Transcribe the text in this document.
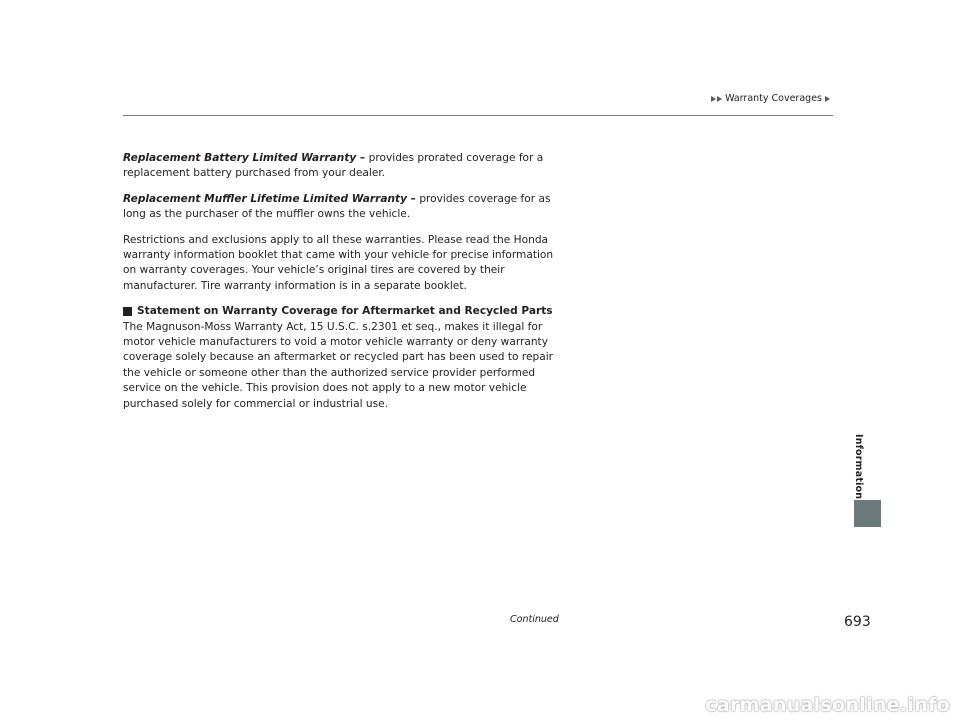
Warranty Coverages

Replacement Battery Limited Warranty – provides prorated coverage for a replacement battery purchased from your dealer.

Replacement Muffler Lifetime Limited Warranty – provides coverage for as long as the purchaser of the muffler owns the vehicle.

Restrictions and exclusions apply to all these warranties. Please read the Honda warranty information booklet that came with your vehicle for precise information on warranty coverages. Your vehicle’s original tires are covered by their manufacturer. Tire warranty information is in a separate booklet.

Statement on Warranty Coverage for Aftermarket and Recycled Parts

The Magnuson-Moss Warranty Act, 15 U.S.C. s.2301 et seq., makes it illegal for motor vehicle manufacturers to void a motor vehicle warranty or deny warranty coverage solely because an aftermarket or recycled part has been used to repair the vehicle or someone other than the authorized service provider performed service on the vehicle. This provision does not apply to a new motor vehicle purchased solely for commercial or industrial use.

Information
Continued	693
carmanualsonline.info
